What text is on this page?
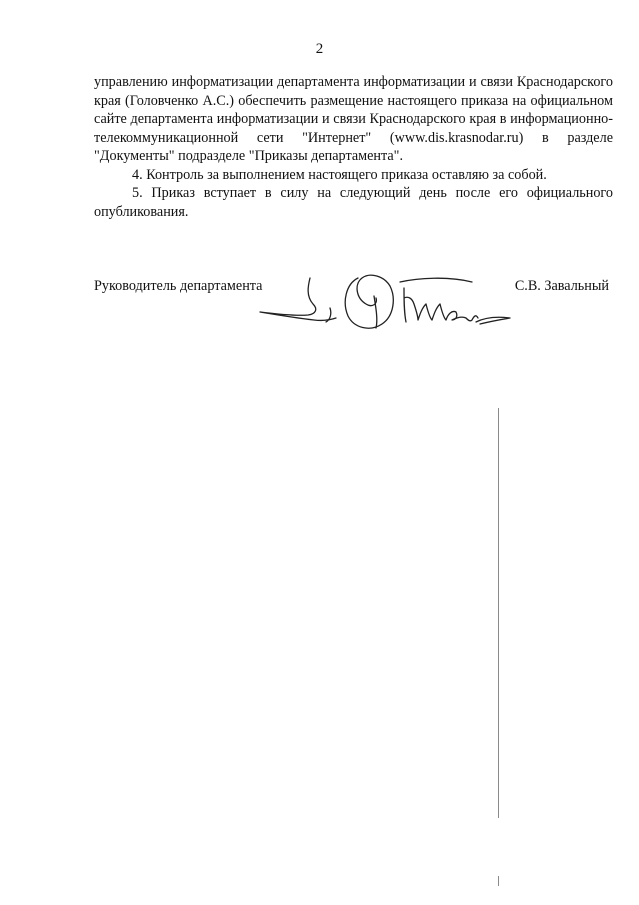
2

управлению информатизации департамента информатизации и связи Краснодарского края (Головченко А.С.) обеспечить размещение настоящего приказа на официальном сайте департамента информатизации и связи Краснодарского края в информационно-телекоммуникационной сети "Интернет" (www.dis.krasnodar.ru) в разделе "Документы" подразделе "Приказы департамента".

4. Контроль за выполнением настоящего приказа оставляю за собой.

5. Приказ вступает в силу на следующий день после его официального опубликования.

Руководитель департамента	С.В. Завальный
